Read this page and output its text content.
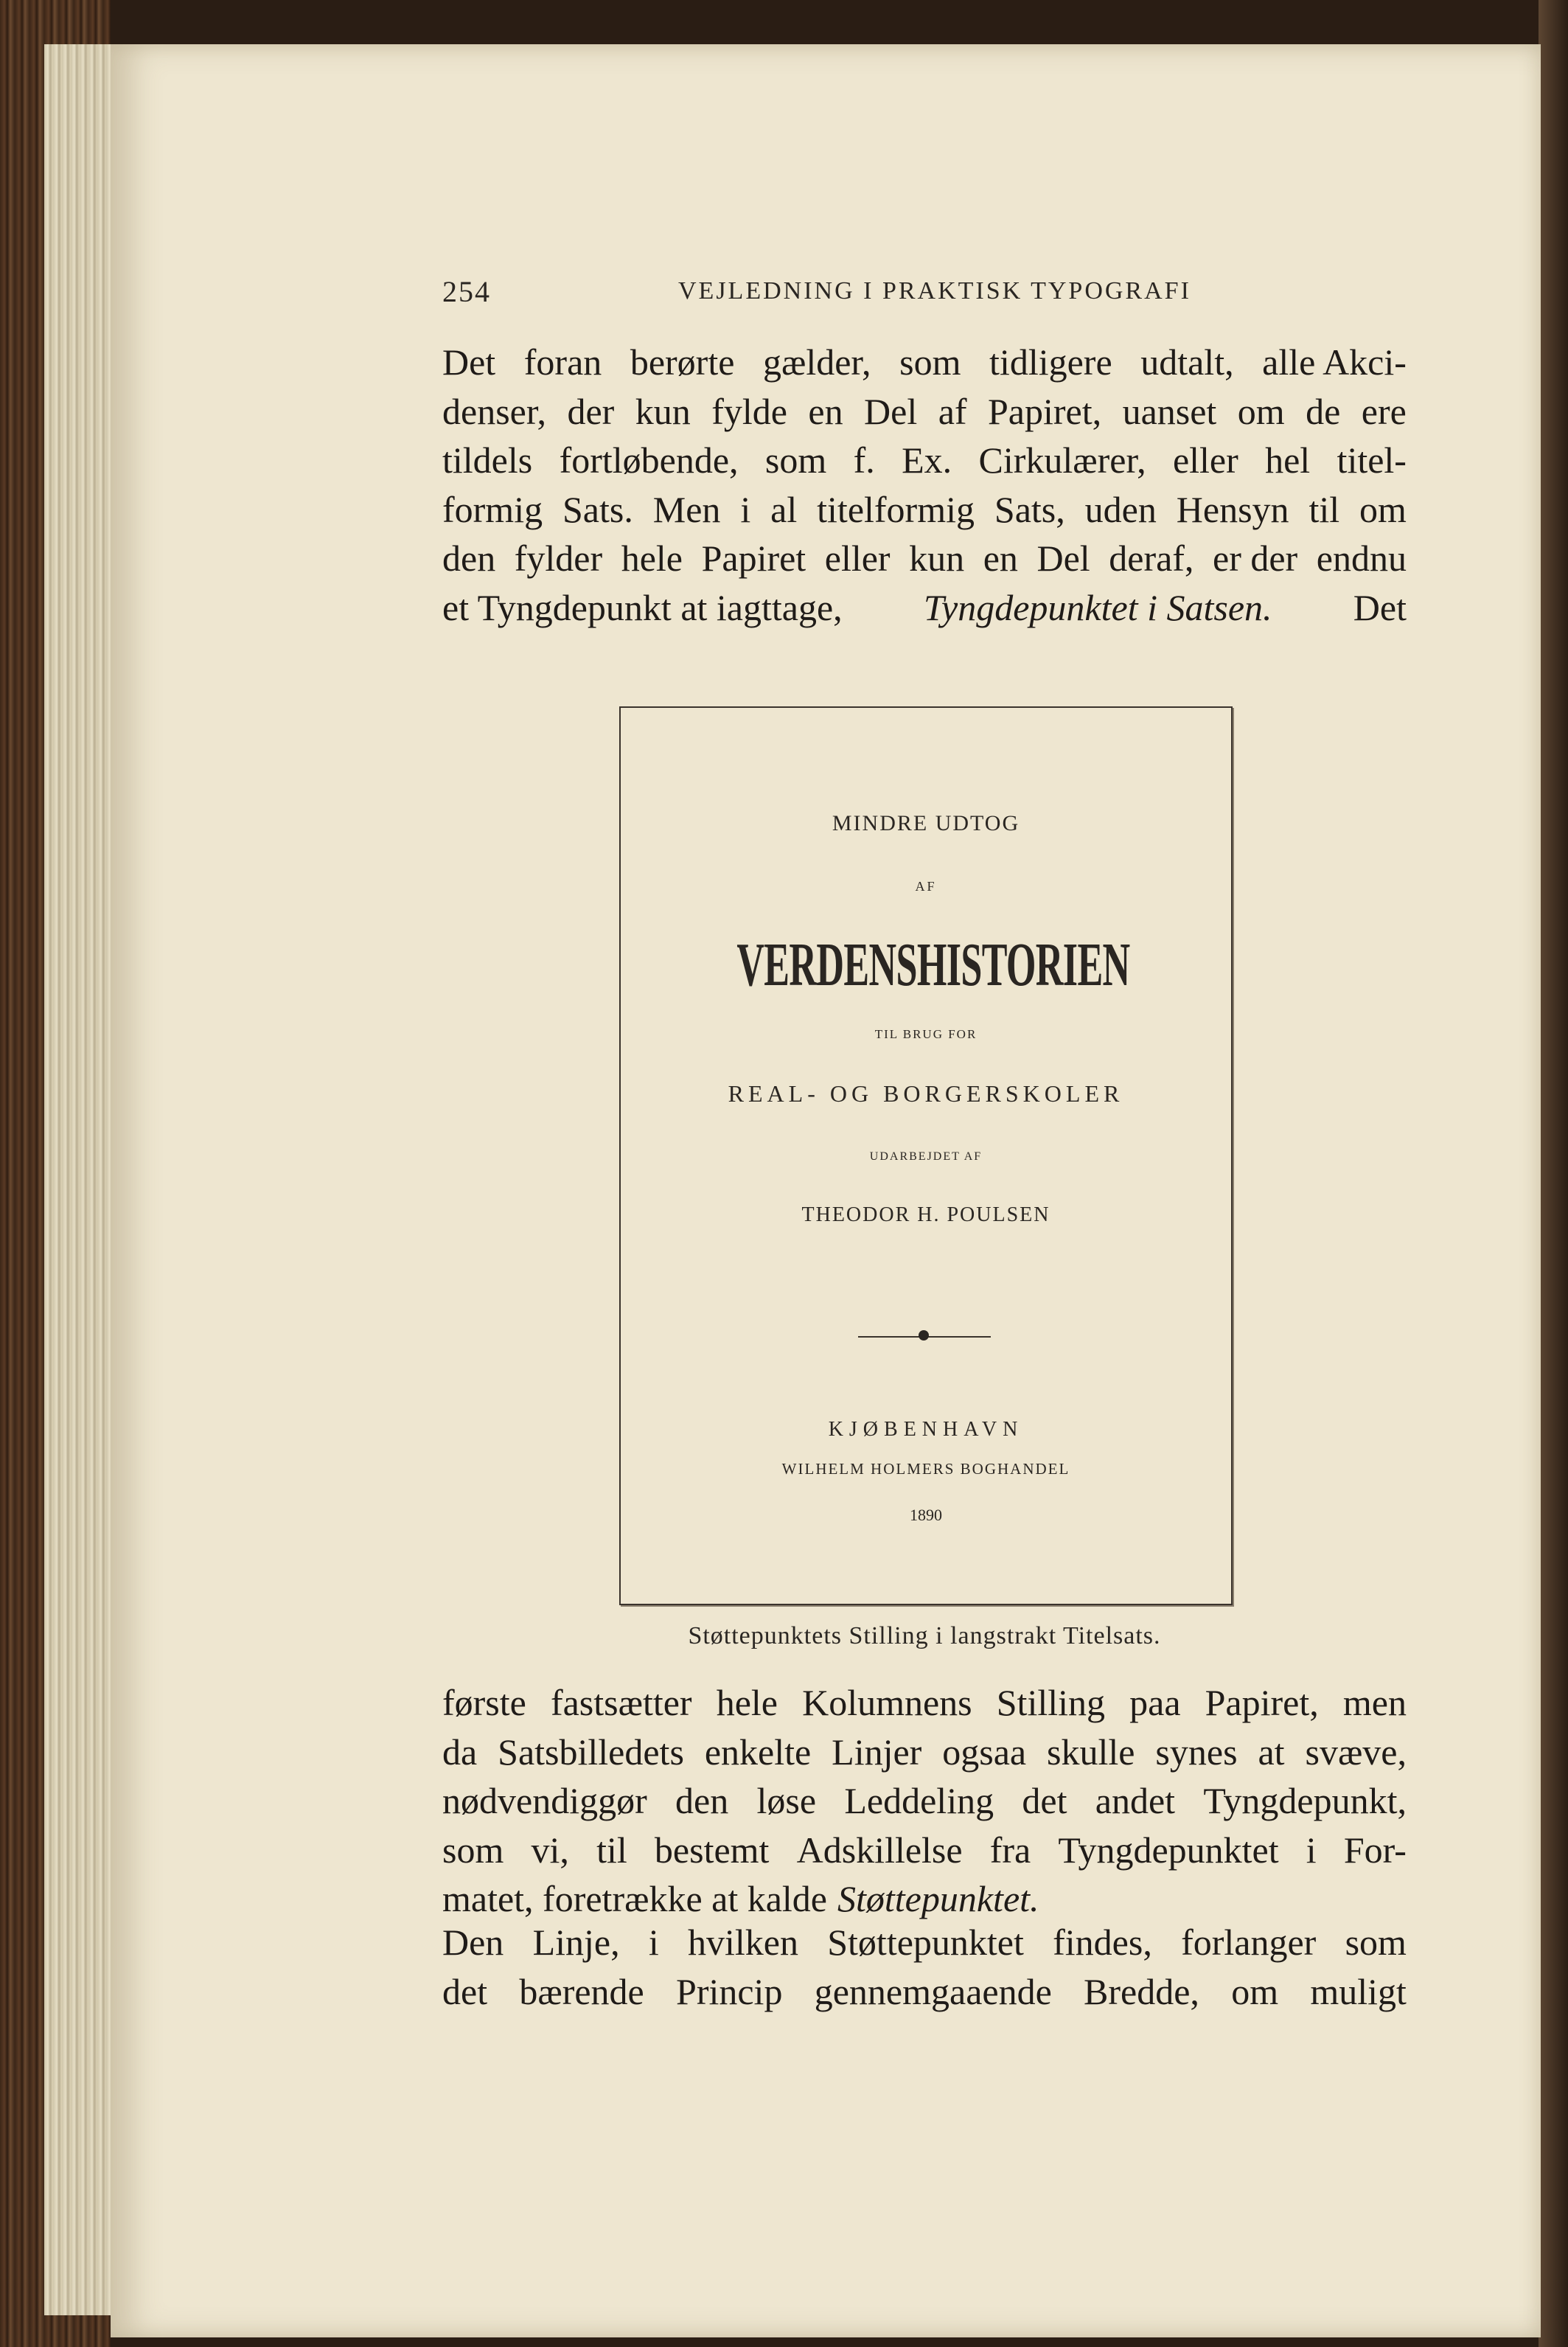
254	VEJLEDNING I PRAKTISK TYPOGRAFI
Det foran berørte gælder, som tidligere udtalt, alle Akci-
denser, der kun fylde en Del af Papiret, uanset om de ere
tildels fortløbende, som f. Ex. Cirkulærer, eller hel titel-
formig Sats. Men i al titelformig Sats, uden Hensyn til om
den fylder hele Papiret eller kun en Del deraf, er der endnu
et Tyngdepunkt at iagttage, Tyngdepunktet i Satsen. Det
MINDRE UDTOG
AF
VERDENSHISTORIEN
TIL BRUG FOR
REAL- OG BORGERSKOLER
UDARBEJDET AF
THEODOR H. POULSEN
KJØBENHAVN
WILHELM HOLMERS BOGHANDEL
1890
Støttepunktets Stilling i langstrakt Titelsats.
første fastsætter hele Kolumnens Stilling paa Papiret, men
da Satsbilledets enkelte Linjer ogsaa skulle synes at svæve,
nødvendiggør den løse Leddeling det andet Tyngdepunkt,
som vi, til bestemt Adskillelse fra Tyngdepunktet i For-
matet, foretrække at kalde Støttepunktet.
Den Linje, i hvilken Støttepunktet findes, forlanger som
det bærende Princip gennemgaaende Bredde, om muligt
